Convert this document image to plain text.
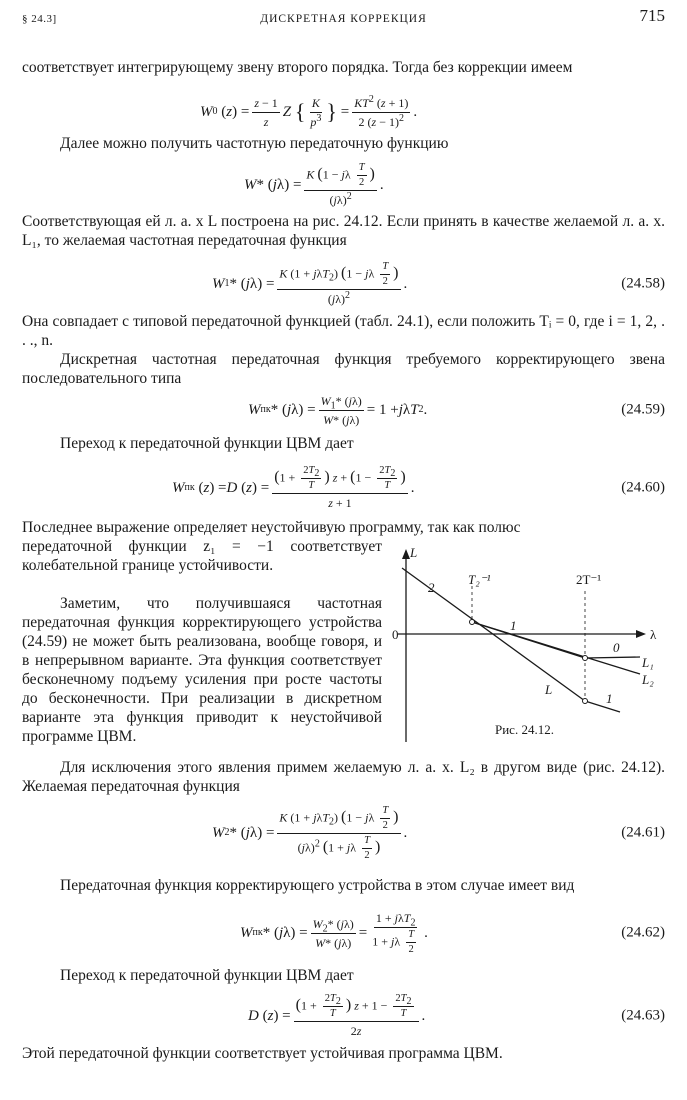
§ 24.3]	ДИСКРЕТНАЯ КОРРЕКЦИЯ	715
соответствует интегрирующему звену второго порядка. Тогда без коррекции имеем
W 0 ( z ) = $\frac{z - 1}{z}$ Z
{ $\frac{K}{p^3}$ } = $\frac{KT^2 (z + 1)}{2 (z - 1)^2}$ .
Далее можно получить частотную передаточную функцию
W * ( j $\lambda) = \frac{K (1 - j\lambda \frac{T}{2} )}{(j\lambda)^2}$ .
Соответствующая ей л. а. х L построена на рис. 24.12. Если принять в качестве желаемой л. а. х. L₁, то желаемая частотная передаточная функция
W 1 * ( j $\lambda) = \frac{K (1 + j\lambda T_2) (1 - j\lambda \frac{T}{2} )}{(j\lambda)^2}$ .	(24.58)
Она совпадает с типовой передаточной функцией (табл. 24.1), если положить Tᵢ = 0, где i = 1, 2, . . ., n.
Дискретная частотная передаточная функция требуемого корректирующего звена последовательного типа
W пк * ( j $\lambda) = \frac{W_1* (j\lambda)}{W* (j\lambda)} = 1 + j$ λ T 2 .	(24.59)
Переход к передаточной функции ЦВМ дает
W пк ( z ) = D ( z ) = $\frac{(1 + \frac{2T_2}{T} ) z + (1 - \frac{2T_2}{T} )}{z + 1}$ .	(24.60)
Последнее выражение определяет неустойчивую программу, так как полюс
передаточной функции z₁ = −1 соответствует колебательной границе устойчивости.
Заметим, что получившаяся частотная передаточная функция корректирующего устройства (24.59) не может быть реализована, вообще говоря, и в непрерывном варианте. Эта функция соответствует бесконечному подъему усиления при росте частоты до бесконечности. При реализации в дискретном варианте эта функция приводит к неустойчивой программе ЦВМ.
L
λ
0
T₂⁻¹	2T⁻¹
2
1
0
1
L
L₁
L₂
Рис. 24.12.
Для исключения этого явления примем желаемую л. а. х. L₂ в другом виде (рис. 24.12). Желаемая передаточная функция
W 2 * ( j $\lambda) = \frac{K (1 + j\lambda T_2) (1 - j\lambda \frac{T}{2} )}{(j\lambda)^2 (1 + j\lambda \frac{T}{2} )}$ .	(24.61)
Передаточная функция корректирующего устройства в этом случае имеет вид
W пк * ( j $\lambda) = \frac{W_2* (j\lambda)}{W* (j\lambda)} = \frac{1 + j\lambda T_2}{1 + j\lambda \frac{T}{2}}$ .	(24.62)
Переход к передаточной функции ЦВМ дает
D ( z ) = $\frac{(1 + \frac{2T_2}{T} ) z + 1 - \frac{2T_2}{T}}{2z}$ .	(24.63)
Этой передаточной функции соответствует устойчивая программа ЦВМ.
